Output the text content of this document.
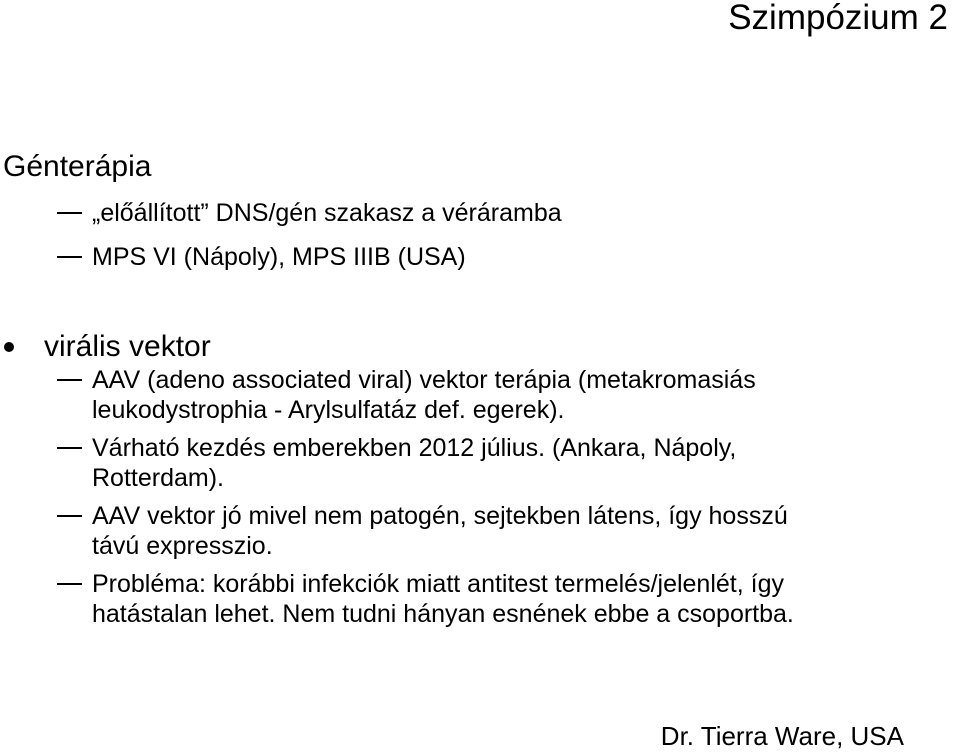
Szimpózium 2
Génterápia
„előállított” DNS/gén szakasz a véráramba
MPS VI (Nápoly), MPS IIIB (USA)
virális vektor
AAV (adeno associated viral) vektor terápia (metakromasiás
leukodystrophia - Arylsulfatáz def. egerek).
Várható kezdés emberekben 2012 július. (Ankara, Nápoly,
Rotterdam).
AAV vektor jó mivel nem patogén, sejtekben látens, így hosszú
távú expresszio.
Probléma: korábbi infekciók miatt antitest termelés/jelenlét, így
hatástalan lehet. Nem tudni hányan esnének ebbe a csoportba.
Dr. Tierra Ware, USA
